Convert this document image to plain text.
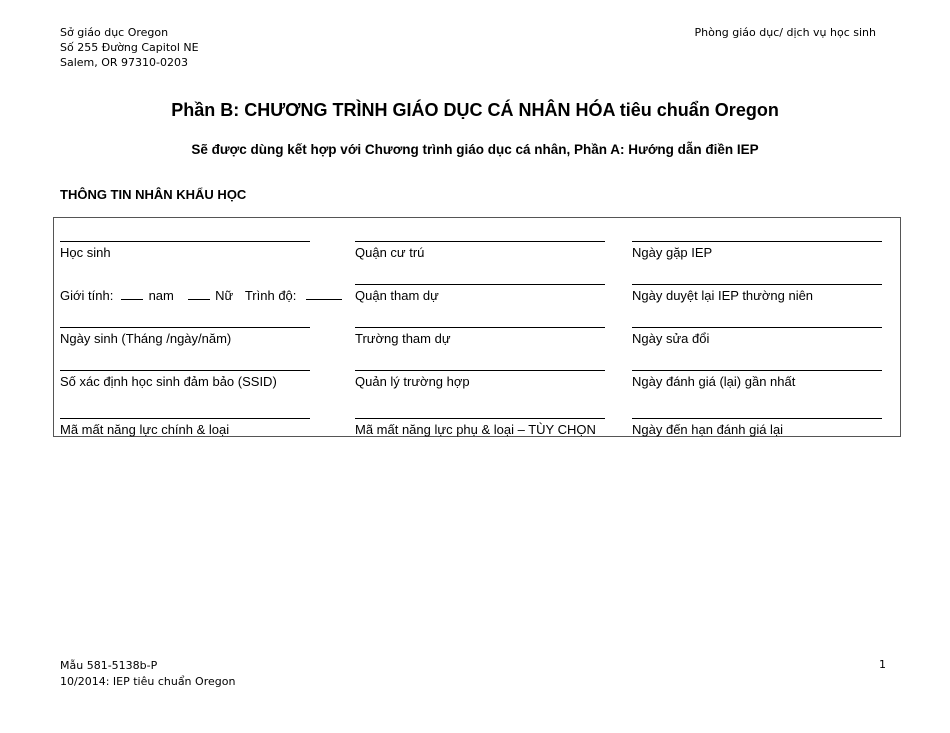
Sở giáo dục Oregon
Số 255 Đường Capitol NE
Salem, OR 97310-0203
Phòng giáo dục/ dịch vụ học sinh
Phần B: CHƯƠNG TRÌNH GIÁO DỤC CÁ NHÂN HÓA tiêu chuẩn Oregon
Sẽ được dùng kết hợp với Chương trình giáo dục cá nhân, Phần A: Hướng dẫn điền IEP
THÔNG TIN NHÂN KHẨU HỌC
Học sinh
Giới tính:	nam	Nữ Trình độ:
Ngày sinh (Tháng /ngày/năm)
Số xác định học sinh đảm bảo (SSID)
Mã mất năng lực chính & loại
Quận cư trú
Quận tham dự
Trường tham dự
Quản lý trường hợp
Mã mất năng lực phụ & loại – TÙY CHỌN
Ngày gặp IEP
Ngày duyệt lại IEP thường niên
Ngày sửa đổi
Ngày đánh giá (lại) gần nhất
Ngày đến hạn đánh giá lại
Mẫu 581-5138b-P
10/2014: IEP tiêu chuẩn Oregon
1
